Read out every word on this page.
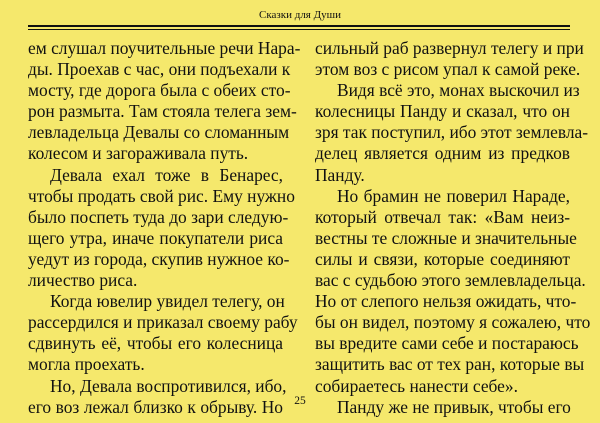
Сказки для Души
ем слушал поучительные речи Нара-
ды. Проехав с час, они подъехали к
мосту, где дорога была с обеих сто-
рон размыта. Там стояла телега зем-
левладельца Девалы со сломанным
колесом и загораживала путь.
Девала ехал тоже в Бенарес,
чтобы продать свой рис. Ему нужно
было поспеть туда до зари следую-
щего утра, иначе покупатели риса
уедут из города, скупив нужное ко-
личество риса.
Когда ювелир увидел телегу, он
рассердился и приказал своему рабу
сдвинуть её, чтобы его колесница
могла проехать.
Но, Девала воспротивился, ибо,
его воз лежал близко к обрыву. Но
сильный раб развернул телегу и при
этом воз с рисом упал к самой реке.
Видя всё это, монах выскочил из
колесницы Панду и сказал, что он
зря так поступил, ибо этот землевла-
делец является одним из предков
Панду.
Но брамин не поверил Нараде,
который отвечал так: «Вам неиз-
вестны те сложные и значительные
силы и связи, которые соединяют
вас с судьбою этого землевладельца.
Но от слепого нельзя ожидать, что-
бы он видел, поэтому я сожалею, что
вы вредите сами себе и постараюсь
защитить вас от тех ран, которые вы
собираетесь нанести себе».
Панду же не привык, чтобы его
25
